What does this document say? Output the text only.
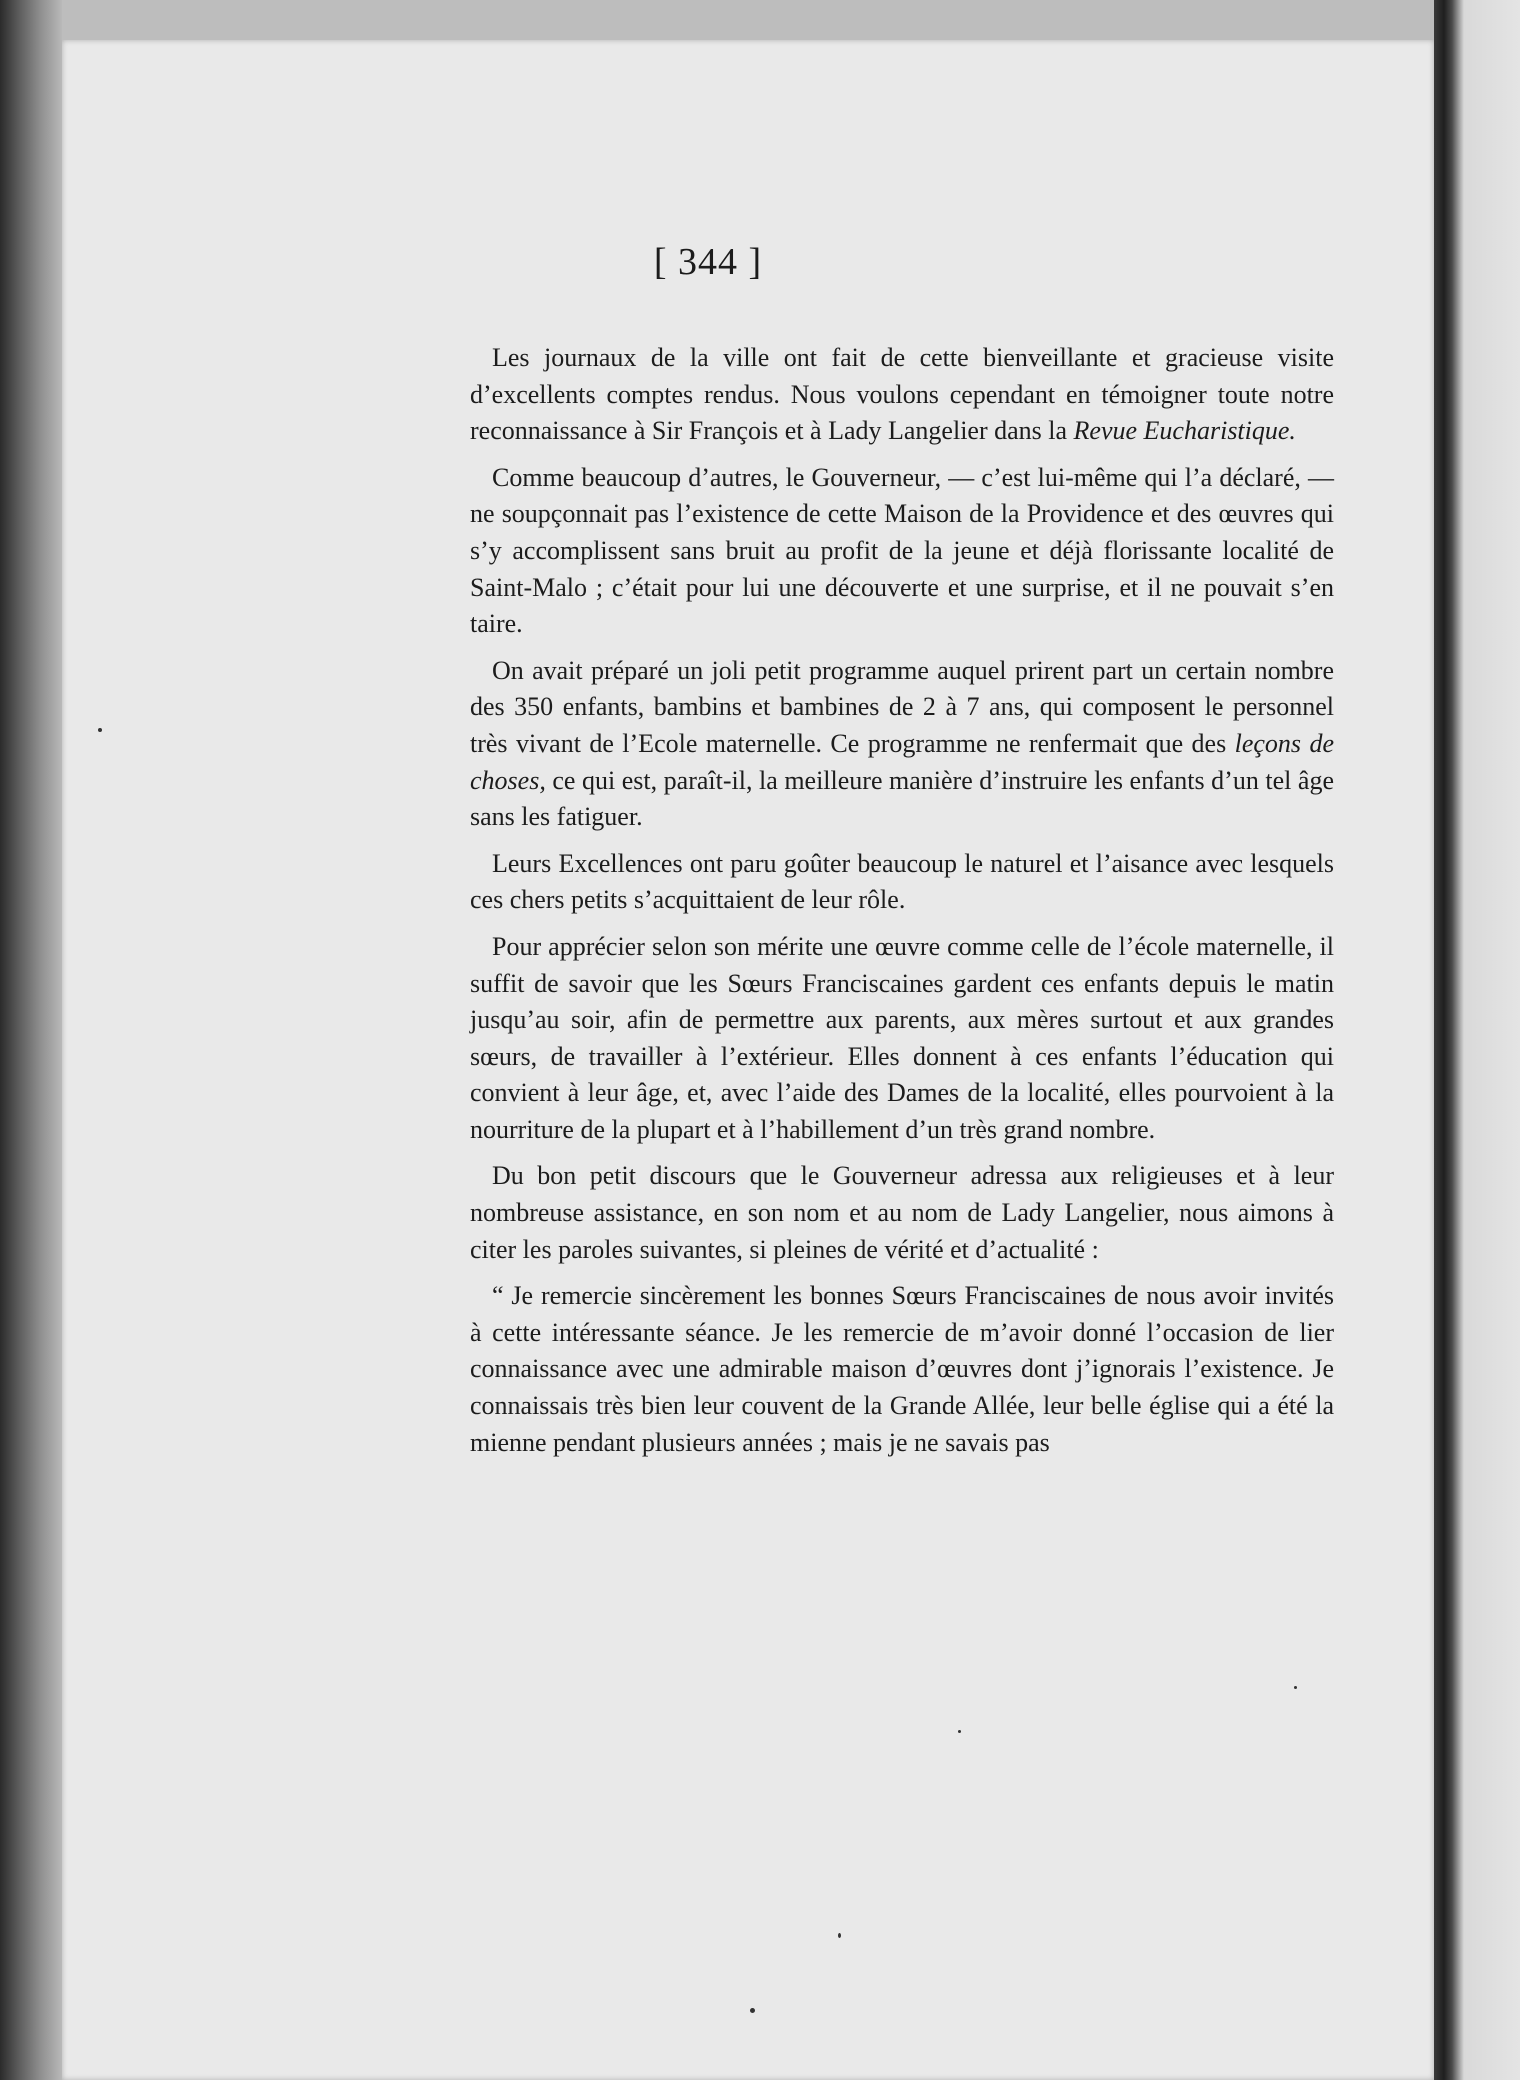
[ 344 ]

Les journaux de la ville ont fait de cette bienveillante et gracieuse visite d’excellents comptes rendus. Nous voulons cependant en témoigner toute notre reconnaissance à Sir François et à Lady Langelier dans la Revue Eucharistique.

Comme beaucoup d’autres, le Gouverneur, — c’est lui-même qui l’a déclaré, — ne soupçonnait pas l’existence de cette Maison de la Providence et des œuvres qui s’y accomplissent sans bruit au profit de la jeune et déjà florissante localité de Saint-Malo ; c’était pour lui une découverte et une surprise, et il ne pouvait s’en taire.

On avait préparé un joli petit programme auquel prirent part un certain nombre des 350 enfants, bambins et bambines de 2 à 7 ans, qui composent le personnel très vivant de l’Ecole maternelle. Ce programme ne renfermait que des leçons de choses, ce qui est, paraît-il, la meilleure manière d’instruire les enfants d’un tel âge sans les fatiguer.

Leurs Excellences ont paru goûter beaucoup le naturel et l’aisance avec lesquels ces chers petits s’acquittaient de leur rôle.

Pour apprécier selon son mérite une œuvre comme celle de l’école maternelle, il suffit de savoir que les Sœurs Franciscaines gardent ces enfants depuis le matin jusqu’au soir, afin de permettre aux parents, aux mères surtout et aux grandes sœurs, de travailler à l’extérieur. Elles donnent à ces enfants l’éducation qui convient à leur âge, et, avec l’aide des Dames de la localité, elles pourvoient à la nourriture de la plupart et à l’habillement d’un très grand nombre.

Du bon petit discours que le Gouverneur adressa aux religieuses et à leur nombreuse assistance, en son nom et au nom de Lady Langelier, nous aimons à citer les paroles suivantes, si pleines de vérité et d’actualité :

“ Je remercie sincèrement les bonnes Sœurs Franciscaines de nous avoir invités à cette intéressante séance. Je les remercie de m’avoir donné l’occasion de lier connaissance avec une admirable maison d’œuvres dont j’ignorais l’existence. Je connaissais très bien leur couvent de la Grande Allée, leur belle église qui a été la mienne pendant plusieurs années ; mais je ne savais pas
